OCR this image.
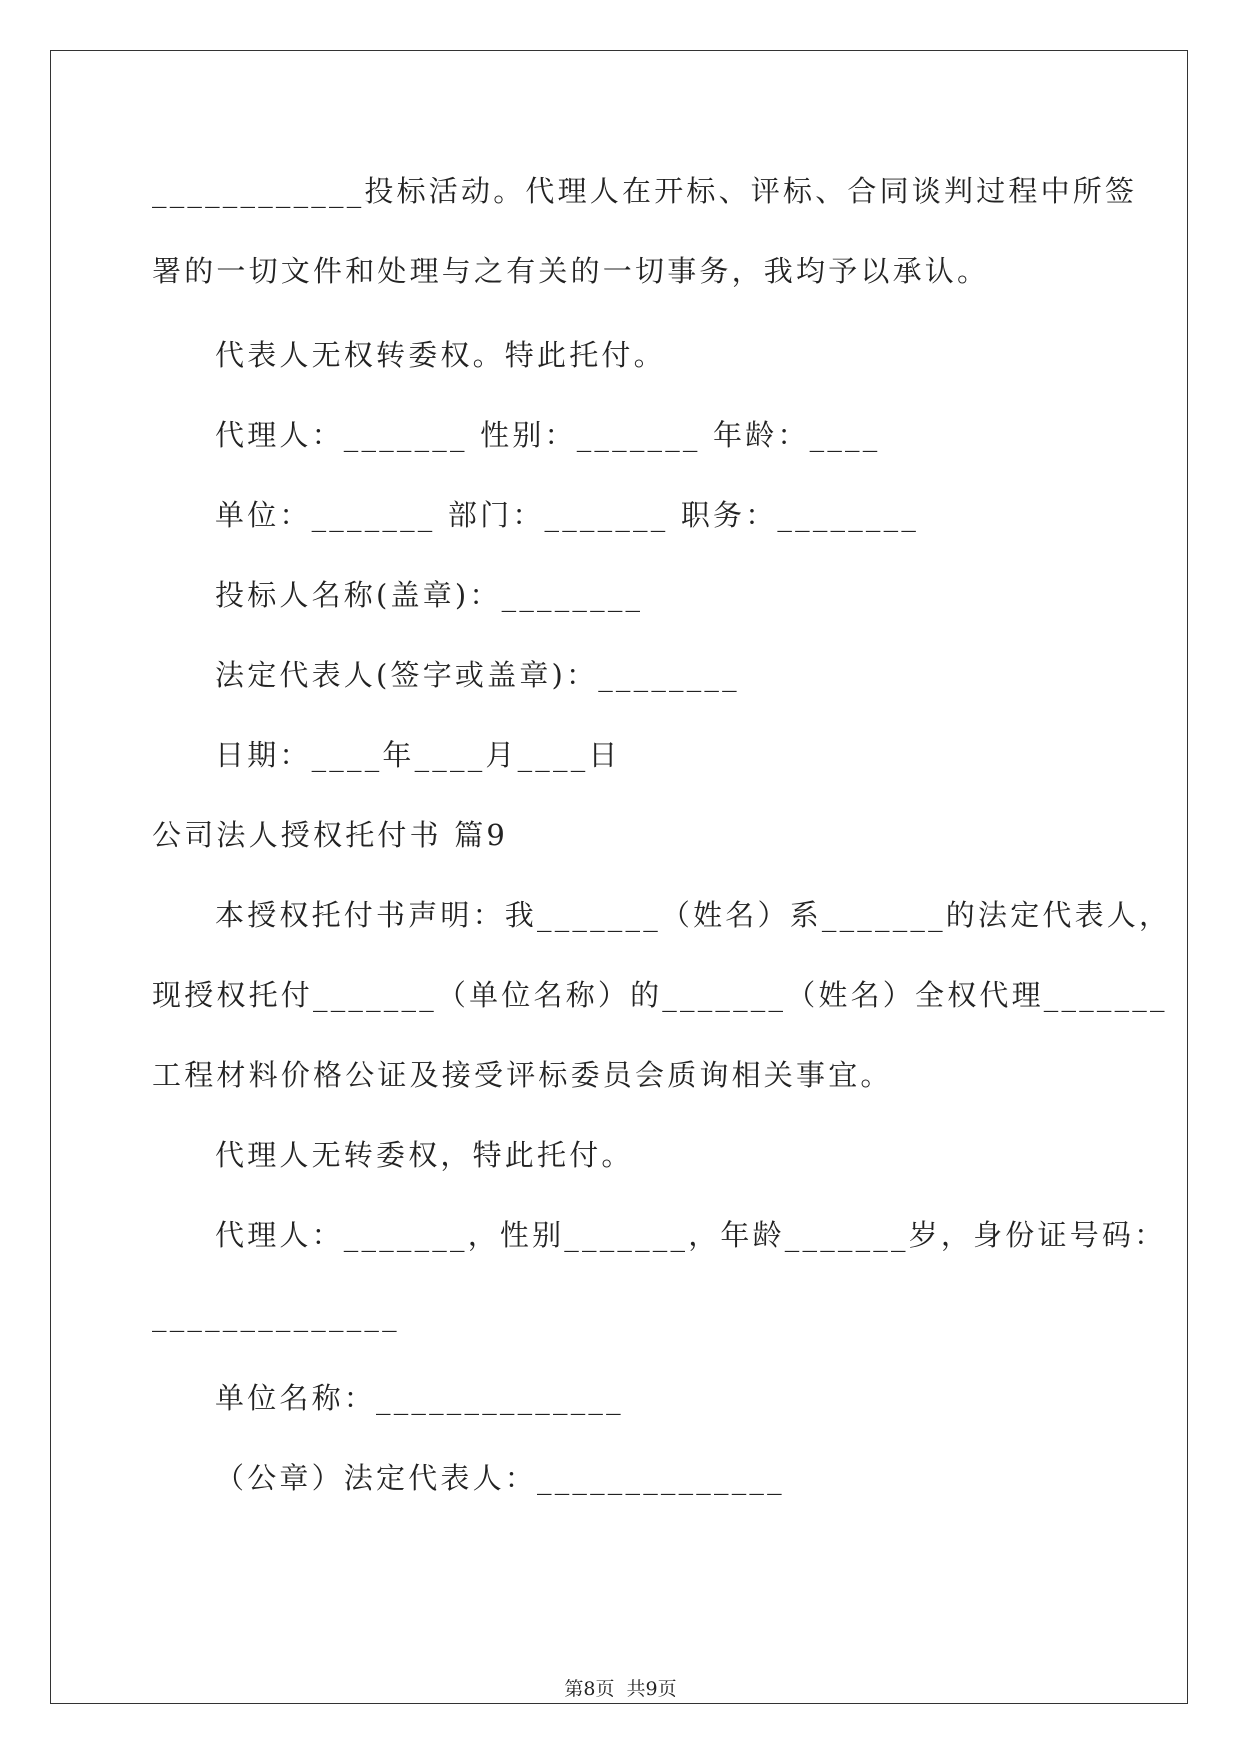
____________投标活动。代理人在开标、评标、合同谈判过程中所签

署的一切文件和处理与之有关的一切事务，我均予以承认。

代表人无权转委权。特此托付。

代理人：_______ 性别：_______ 年龄：____

单位：_______ 部门：_______ 职务：________

投标人名称(盖章)：________

法定代表人(签字或盖章)：________

日期：____年____月____日

公司法人授权托付书 篇9

本授权托付书声明：我_______（姓名）系_______的法定代表人，

现授权托付_______（单位名称）的_______（姓名）全权代理_______

工程材料价格公证及接受评标委员会质询相关事宜。

代理人无转委权，特此托付。

代理人：_______，性别_______，年龄_______岁，身份证号码：

______________

单位名称：______________

（公章）法定代表人：______________

第8页  共9页
